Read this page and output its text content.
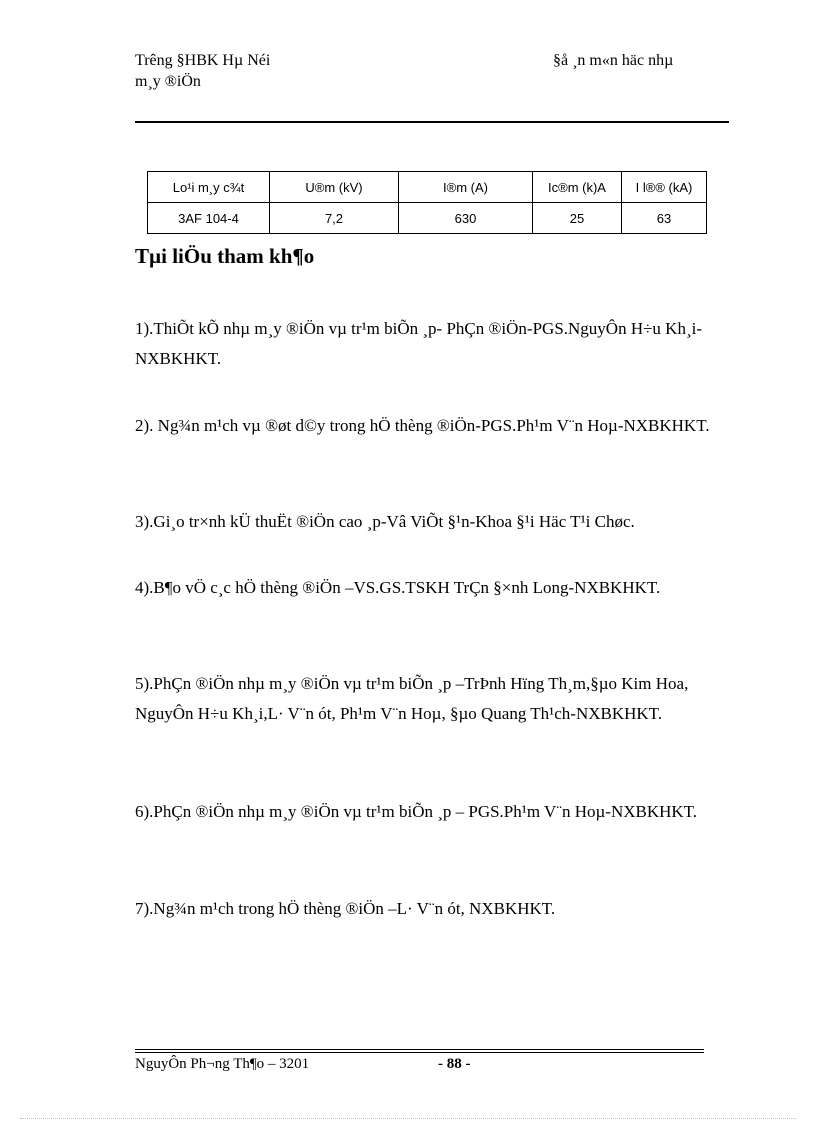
Trêng §HBK Hµ Néi
m¸y ®iÖn
§å ¸n m«n häc nhµ
Lo¹i m¸y c¾t	U®m (kV)	I®m (A)	Ic®m (k)A	I l®® (kA)
3AF 104-4	7,2	630	25	63
Tµi liÖu tham kh¶o

1).ThiÕt kÕ nhµ m¸y ®iÖn vµ tr¹m biÕn ¸p- PhÇn ®iÖn-PGS.NguyÔn H÷u Kh¸i-NXBKHKT.

2). Ng¾n m¹ch vµ ®øt d©y trong hÖ thèng ®iÖn-PGS.Ph¹m V¨n Hoµ-NXBKHKT.

3).Gi¸o tr×nh kÜ thuËt ®iÖn cao ¸p-Vâ ViÕt §¹n-Khoa §¹i Häc T¹i Chøc.

4).B¶o vÖ c¸c hÖ thèng ®iÖn –VS.GS.TSKH TrÇn §×nh Long-NXBKHKT.

5).PhÇn ®iÖn nhµ m¸y ®iÖn vµ tr¹m biÕn ¸p –TrÞnh Hïng Th¸m,§µo Kim Hoa, NguyÔn H÷u Kh¸i,L· V¨n ót, Ph¹m V¨n Hoµ, §µo Quang Th¹ch-NXBKHKT.

6).PhÇn ®iÖn nhµ m¸y ®iÖn vµ tr¹m biÕn ¸p – PGS.Ph¹m V¨n Hoµ-NXBKHKT.

7).Ng¾n m¹ch trong hÖ thèng ®iÖn –L· V¨n ót, NXBKHKT.

NguyÔn Ph¬ng Th¶o – 3201	- 88 -
